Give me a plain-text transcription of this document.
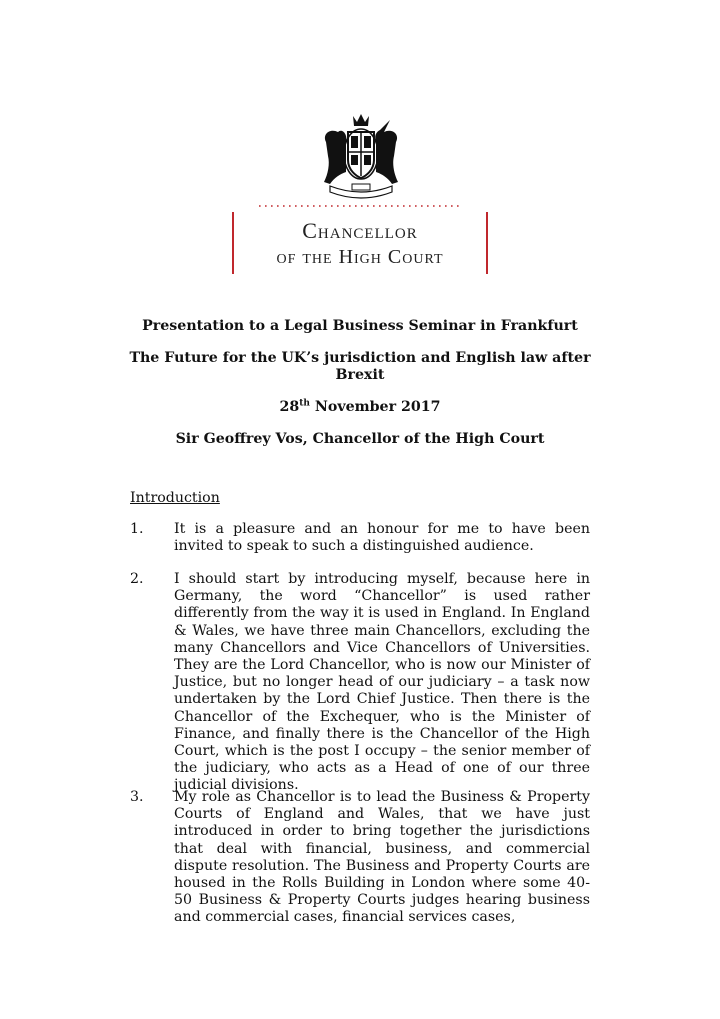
Chancellor
of the High Court

Presentation to a Legal Business Seminar in Frankfurt

The Future for the UK’s jurisdiction and English law after Brexit

28th November 2017

Sir Geoffrey Vos, Chancellor of the High Court

Introduction
1.	It is a pleasure and an honour for me to have been invited to speak to such a distinguished audience.
2.	I should start by introducing myself, because here in Germany, the word “Chancellor” is used rather differently from the way it is used in England. In England & Wales, we have three main Chancellors, excluding the many Chancellors and Vice Chancellors of Universities. They are the Lord Chancellor, who is now our Minister of Justice, but no longer head of our judiciary – a task now undertaken by the Lord Chief Justice. Then there is the Chancellor of the Exchequer, who is the Minister of Finance, and finally there is the Chancellor of the High Court, which is the post I occupy – the senior member of the judiciary, who acts as a Head of one of our three judicial divisions.
3.	My role as Chancellor is to lead the Business & Property Courts of England and Wales, that we have just introduced in order to bring together the jurisdictions that deal with financial, business, and commercial dispute resolution. The Business and Property Courts are housed in the Rolls Building in London where some 40-50 Business & Property Courts judges hearing business and commercial cases, financial services cases,
